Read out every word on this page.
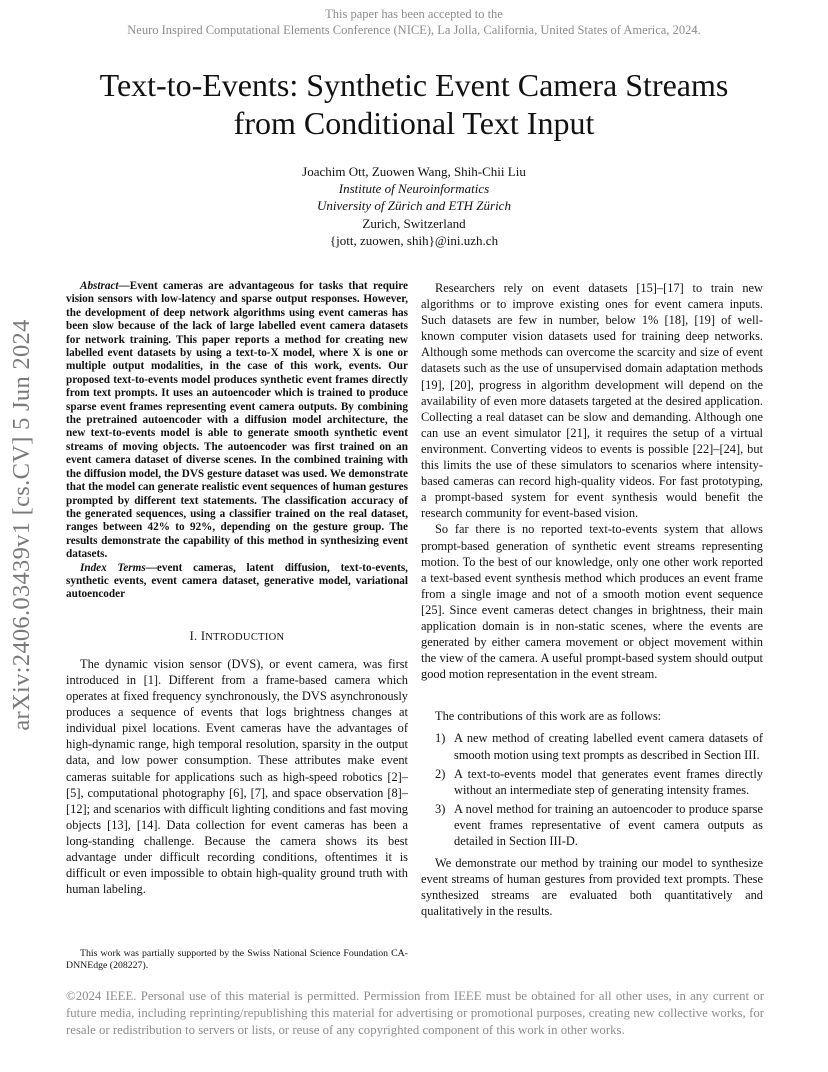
This paper has been accepted to the
Neuro Inspired Computational Elements Conference (NICE), La Jolla, California, United States of America, 2024.
Text-to-Events: Synthetic Event Camera Streams
from Conditional Text Input
Joachim Ott, Zuowen Wang, Shih-Chii Liu
Institute of Neuroinformatics
University of Zürich and ETH Zürich
Zurich, Switzerland
{jott, zuowen, shih}@ini.uzh.ch
arXiv:2406.03439v1 [cs.CV] 5 Jun 2024

Abstract—Event cameras are advantageous for tasks that require vision sensors with low-latency and sparse output responses. However, the development of deep network algorithms using event cameras has been slow because of the lack of large labelled event camera datasets for network training. This paper reports a method for creating new labelled event datasets by using a text-to-X model, where X is one or multiple output modalities, in the case of this work, events. Our proposed text-to-events model produces synthetic event frames directly from text prompts. It uses an autoencoder which is trained to produce sparse event frames representing event camera outputs. By combining the pretrained autoencoder with a diffusion model architecture, the new text-to-events model is able to generate smooth synthetic event streams of moving objects. The autoencoder was first trained on an event camera dataset of diverse scenes. In the combined training with the diffusion model, the DVS gesture dataset was used. We demonstrate that the model can generate realistic event sequences of human gestures prompted by different text statements. The classification accuracy of the generated sequences, using a classifier trained on the real dataset, ranges between 42% to 92%, depending on the gesture group. The results demonstrate the capability of this method in synthesizing event datasets.

Index Terms—event cameras, latent diffusion, text-to-events, synthetic events, event camera dataset, generative model, variational autoencoder

I. INTRODUCTION

The dynamic vision sensor (DVS), or event camera, was first introduced in [1]. Different from a frame-based camera which operates at fixed frequency synchronously, the DVS asynchronously produces a sequence of events that logs brightness changes at individual pixel locations. Event cameras have the advantages of high-dynamic range, high temporal resolution, sparsity in the output data, and low power consumption. These attributes make event cameras suitable for applications such as high-speed robotics [2]–[5], computational photography [6], [7], and space observation [8]–[12]; and scenarios with difficult lighting conditions and fast moving objects [13], [14]. Data collection for event cameras has been a long-standing challenge. Because the camera shows its best advantage under difficult recording conditions, oftentimes it is difficult or even impossible to obtain high-quality ground truth with human labeling.

This work was partially supported by the Swiss National Science Foundation CA-DNNEdge (208227).

Researchers rely on event datasets [15]–[17] to train new algorithms or to improve existing ones for event camera inputs. Such datasets are few in number, below 1% [18], [19] of well-known computer vision datasets used for training deep networks. Although some methods can overcome the scarcity and size of event datasets such as the use of unsupervised domain adaptation methods [19], [20], progress in algorithm development will depend on the availability of even more datasets targeted at the desired application. Collecting a real dataset can be slow and demanding. Although one can use an event simulator [21], it requires the setup of a virtual environment. Converting videos to events is possible [22]–[24], but this limits the use of these simulators to scenarios where intensity-based cameras can record high-quality videos. For fast prototyping, a prompt-based system for event synthesis would benefit the research community for event-based vision.

So far there is no reported text-to-events system that allows prompt-based generation of synthetic event streams representing motion. To the best of our knowledge, only one other work reported a text-based event synthesis method which produces an event frame from a single image and not of a smooth motion event sequence [25]. Since event cameras detect changes in brightness, their main application domain is in non-static scenes, where the events are generated by either camera movement or object movement within the view of the camera. A useful prompt-based system should output good motion representation in the event stream.

The contributions of this work are as follows:

1) A new method of creating labelled event camera datasets of smooth motion using text prompts as described in Section III.
2) A text-to-events model that generates event frames directly without an intermediate step of generating intensity frames.
3) A novel method for training an autoencoder to produce sparse event frames representative of event camera outputs as detailed in Section III-D.

We demonstrate our method by training our model to synthesize event streams of human gestures from provided text prompts. These synthesized streams are evaluated both quantitatively and qualitatively in the results.

©2024 IEEE. Personal use of this material is permitted. Permission from IEEE must be obtained for all other uses, in any current or future media, including reprinting/republishing this material for advertising or promotional purposes, creating new collective works, for resale or redistribution to servers or lists, or reuse of any copyrighted component of this work in other works.
